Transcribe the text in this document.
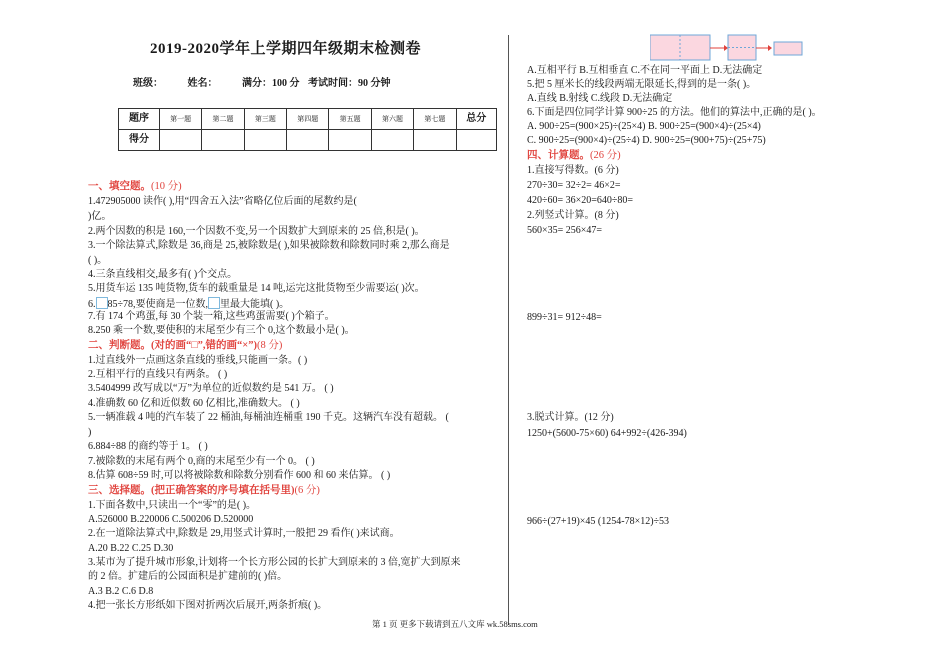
2019-2020学年上学期四年级期末检测卷
班级： 姓名： 满分：100 分 考试时间：90 分钟
题序	第一题	第二题	第三题	第四题	第五题	第六题	第七题	总分
得分								
一、填空题。(10 分)
1.472905000 读作( ),用“四舍五入法”省略亿位后面的尾数约是(
)亿。
2.两个因数的积是 160,一个因数不变,另一个因数扩大到原来的 25 倍,积是( )。
3.一个除法算式,除数是 36,商是 25,被除数是( ),如果被除数和除数同时乘 2,那么商是
( )。
4.三条直线相交,最多有( )个交点。
5.用货车运 135 吨货物,货车的载重量是 14 吨,运完这批货物至少需要运( )次。
6. 85÷78,要使商是一位数, 里最大能填( )。
7.有 174 个鸡蛋,每 30 个装一箱,这些鸡蛋需要( )个箱子。
8.250 乘一个数,要使积的末尾至少有三个 0,这个数最小是( )。
二、判断题。(对的画“□”,错的画“×”)(8 分)
1.过直线外一点画这条直线的垂线,只能画一条。( )
2.互相平行的直线只有两条。 ( )
3.5404999 改写成以“万”为单位的近似数约是 541 万。 ( )
4.准确数 60 亿和近似数 60 亿相比,准确数大。 ( )
5.一辆准载 4 吨的汽车装了 22 桶油,每桶油连桶重 190 千克。这辆汽车没有超载。 (
)
6.884÷88 的商约等于 1。 ( )
7.被除数的末尾有两个 0,商的末尾至少有一个 0。 ( )
8.估算 608÷59 时,可以将被除数和除数分别看作 600 和 60 来估算。 ( )
三、选择题。(把正确答案的序号填在括号里)(6 分)
1.下面各数中,只读出一个“零”的是( )。
A.526000 B.220006 C.500206 D.520000
2.在一道除法算式中,除数是 29,用竖式计算时,一般把 29 看作( )来试商。
A.20 B.22 C.25 D.30
3.某市为了提升城市形象,计划将一个长方形公园的长扩大到原来的 3 倍,宽扩大到原来
的 2 倍。扩建后的公园面积是扩建前的( )倍。
A.3 B.2 C.6 D.8
4.把一张长方形纸如下图对折两次后展开,两条折痕( )。
A.互相平行 B.互相垂直 C.不在同一平面上 D.无法确定
5.把 5 厘米长的线段两端无限延长,得到的是一条( )。
A.直线 B.射线 C.线段 D.无法确定
6.下面是四位同学计算 900÷25 的方法。他们的算法中,正确的是( )。
A. 900÷25=(900×25)÷(25×4) B. 900÷25=(900×4)÷(25×4)
C. 900÷25=(900×4)÷(25÷4) D. 900÷25=(900+75)÷(25+75)
四、计算题。(26 分)
1.直接写得数。(6 分)
270÷30= 32÷2= 46×2=
420÷60= 36×20=640÷80=
2.列竖式计算。(8 分)
560×35= 256×47=
899÷31= 912÷48=
3.脱式计算。(12 分)
1250+(5600-75×60) 64+992÷(426-394)
966÷(27+19)×45 (1254-78×12)÷53
第 1 页 更多下载请到五八文库 wk.58sms.com
